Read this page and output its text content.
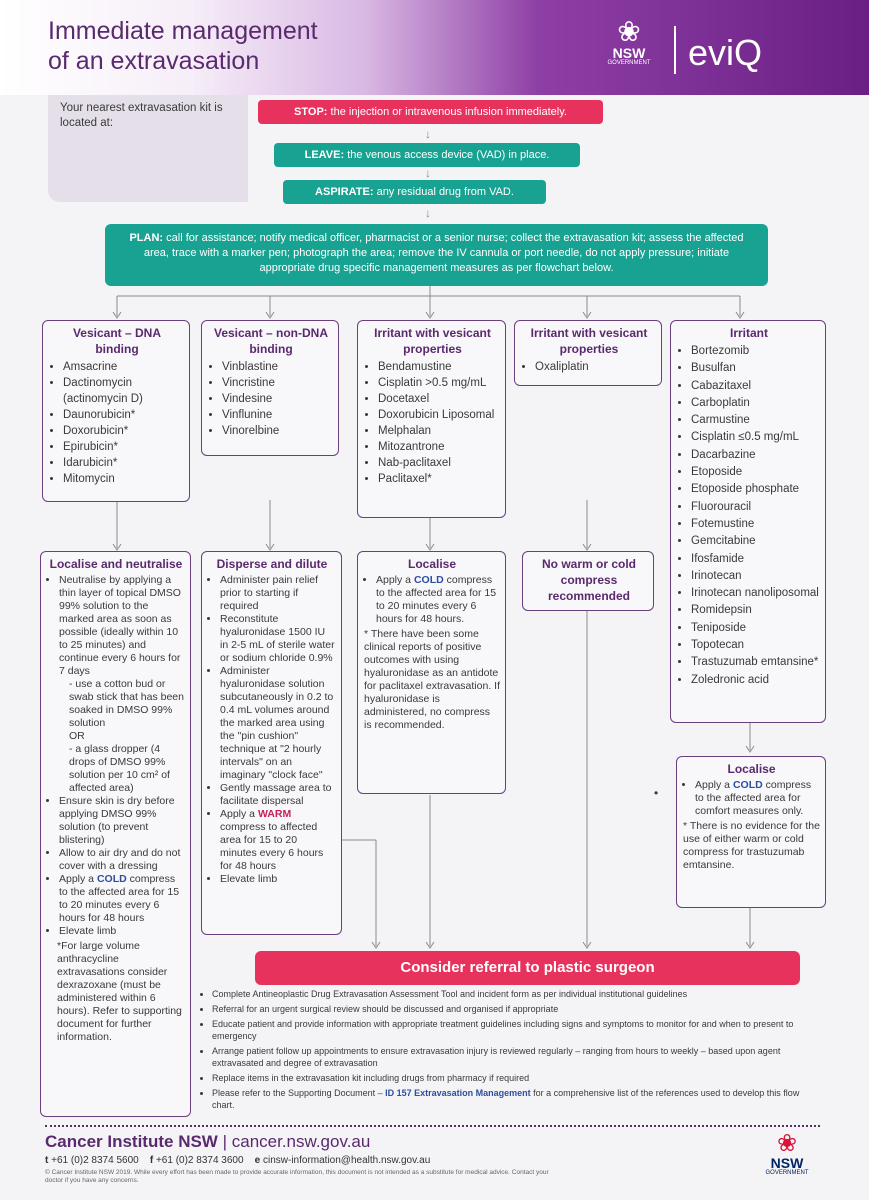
Immediate management
of an extravasation
❀
NSW
GOVERNMENT eviQ
Your nearest extravasation kit is located at:
STOP: the injection or intravenous infusion immediately.
↓
LEAVE: the venous access device (VAD) in place.
↓
ASPIRATE: any residual drug from VAD.
↓
PLAN: call for assistance; notify medical officer, pharmacist or a senior nurse; collect the extravasation kit; assess the affected area, trace with a marker pen; photograph the area; remove the IV cannula or port needle, do not apply pressure; initiate appropriate drug specific management measures as per flowchart below.
Vesicant – DNA binding
• Amsacrine
• Dactinomycin (actinomycin D)
• Daunorubicin*
• Doxorubicin*
• Epirubicin*
• Idarubicin*
• Mitomycin
Vesicant – non-DNA binding
• Vinblastine
• Vincristine
• Vindesine
• Vinflunine
• Vinorelbine
Irritant with vesicant properties
• Bendamustine
• Cisplatin >0.5 mg/mL
• Docetaxel
• Doxorubicin Liposomal
• Melphalan
• Mitozantrone
• Nab-paclitaxel
• Paclitaxel*
Irritant with vesicant properties
• Oxaliplatin
Irritant
• Bortezomib
• Busulfan
• Cabazitaxel
• Carboplatin
• Carmustine
• Cisplatin ≤0.5 mg/mL
• Dacarbazine
• Etoposide
• Etoposide phosphate
• Fluorouracil
• Fotemustine
• Gemcitabine
• Ifosfamide
• Irinotecan
• Irinotecan nanoliposomal
• Romidepsin
• Teniposide
• Topotecan
• Trastuzumab emtansine*
• Zoledronic acid
Localise and neutralise
• Neutralise by applying a thin layer of topical DMSO 99% solution to the marked area as soon as possible (ideally within 10 to 25 minutes) and continue every 6 hours for 7 days
- use a cotton bud or swab stick that has been soaked in DMSO 99% solution
OR
- a glass dropper (4 drops of DMSO 99% solution per 10 cm² of affected area)
• Ensure skin is dry before applying DMSO 99% solution (to prevent blistering)
• Allow to air dry and do not cover with a dressing
• Apply a COLD compress to the affected area for 15 to 20 minutes every 6 hours for 48 hours
• Elevate limb

*For large volume anthracycline extravasations consider dexrazoxane (must be administered within 6 hours). Refer to supporting document for further information.

Disperse and dilute
• Administer pain relief prior to starting if required
• Reconstitute hyaluronidase 1500 IU in 2-5 mL of sterile water or sodium chloride 0.9%
• Administer hyaluronidase solution subcutaneously in 0.2 to 0.4 mL volumes around the marked area using the "pin cushion" technique at "2 hourly intervals" on an imaginary "clock face"
• Gently massage area to facilitate dispersal
• Apply a WARM compress to affected area for 15 to 20 minutes every 6 hours for 48 hours
• Elevate limb
Localise
• Apply a COLD compress to the affected area for 15 to 20 minutes every 6 hours for 48 hours.

* There have been some clinical reports of positive outcomes with using hyaluronidase as an antidote for paclitaxel extravasation. If hyaluronidase is administered, no compress is recommended.

No warm or cold compress recommended
•
Localise
• Apply a COLD compress to the affected area for comfort measures only.

* There is no evidence for the use of either warm or cold compress for trastuzumab emtansine.

Consider referral to plastic surgeon
• Complete Antineoplastic Drug Extravasation Assessment Tool and incident form as per individual institutional guidelines
• Referral for an urgent surgical review should be discussed and organised if appropriate
• Educate patient and provide information with appropriate treatment guidelines including signs and symptoms to monitor for and when to present to emergency
• Arrange patient follow up appointments to ensure extravasation injury is reviewed regularly – ranging from hours to weekly – based upon agent extravasated and degree of extravasation
• Replace items in the extravasation kit including drugs from pharmacy if required
• Please refer to the Supporting Document – ID 157 Extravasation Management for a comprehensive list of the references used to develop this flow chart.
Cancer Institute NSW | cancer.nsw.gov.au
t +61 (0)2 8374 5600 f +61 (0)2 8374 3600 e cinsw-information@health.nsw.gov.au
© Cancer Institute NSW 2019. While every effort has been made to provide accurate information, this document is not intended as a substitute for medical advice. Contact your doctor if you have any concerns.
❀
NSW
GOVERNMENT
